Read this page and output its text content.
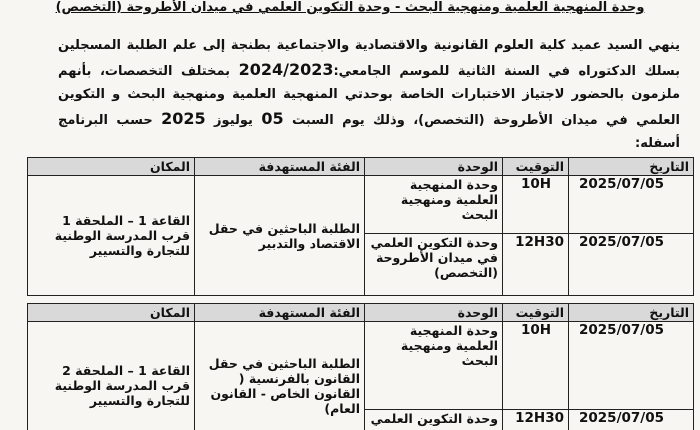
وحدة المنهجية العلمية ومنهجية البحث - وحدة التكوين العلمي في ميدان الأطروحة (التخصص)
ينهي السيد عميد كلية العلوم القانونية والاقتصادية والاجتماعية بطنجة إلى علم الطلبة المسجلين بسلك الدكتوراه في السنة الثانية للموسم الجامعي:2024/2023 بمختلف التخصصات، بأنهم ملزمون بالحضور لاجتياز الاختبارات الخاصة بوحدتي المنهجية العلمية ومنهجية البحث و التكوين العلمي في ميدان الأطروحة (التخصص)، وذلك يوم السبت 05 يوليوز 2025 حسب البرنامج أسفله:
التاريخ	التوقيت	الوحدة	الفئة المستهدفة	المكان
2025/07/05	10H	وحدة المنهجية العلمية ومنهجية البحث	الطلبة الباحثين في حقل الاقتصاد والتدبير	القاعة 1 – الملحقة 1 قرب المدرسة الوطنية للتجارة والتسيير
2025/07/05	12H30	وحدة التكوين العلمي في ميدان الأطروحة (التخصص)		
التاريخ	التوقيت	الوحدة	الفئة المستهدفة	المكان
2025/07/05	10H	وحدة المنهجية العلمية ومنهجية البحث	الطلبة الباحثين في حقل القانون بالفرنسية ( القانون الخاص - القانون العام)	القاعة 1 – الملحقة 2 قرب المدرسة الوطنية للتجارة والتسيير
2025/07/05	12H30	وحدة التكوين العلمي		
